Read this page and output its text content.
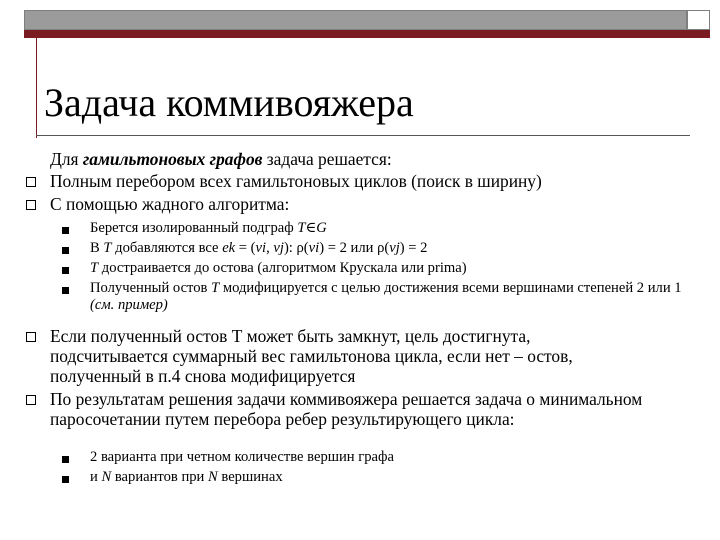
Задача коммивояжера
Для гамильтоновых графов задача решается:
Полным перебором всех гамильтоновых циклов (поиск в ширину)
С помощью жадного алгоритма:
Берется изолированный подграф T∈G
В T добавляются все ek = (vi, vj): ρ(vi) = 2 или ρ(vj) = 2
T достраивается до остова (алгоритмом Крускала или prima)
Полученный остов T модифицируется с целью достижения всеми вершинами степеней 2 или 1 (см. пример)
Если полученный остов Т может быть замкнут, цель достигнута, подсчитывается суммарный вес гамильтонова цикла, если нет – остов, полученный в п.4 снова модифицируется
По результатам решения задачи коммивояжера решается задача о минимальном паросочетании путем перебора ребер результирующего цикла:
2 варианта при четном количестве вершин графа
и N вариантов при N вершинах
